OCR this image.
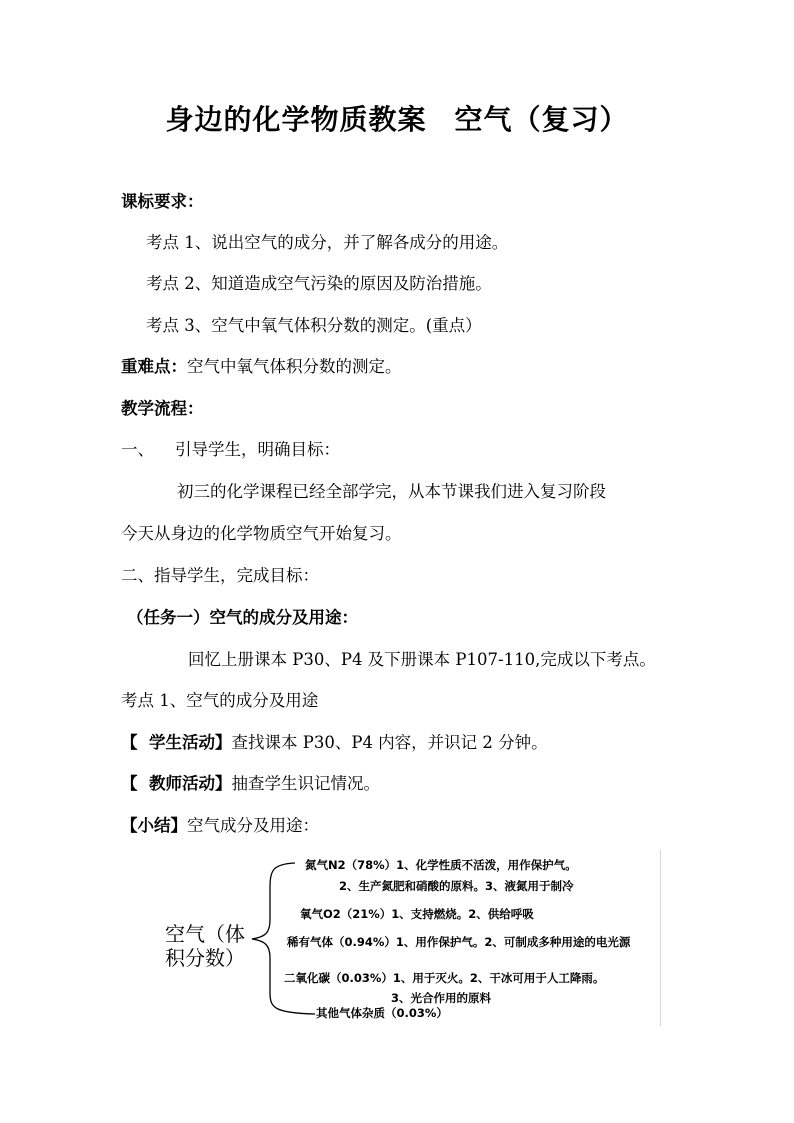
身边的化学物质教案 空气（复习）
课标要求：
考点 1、说出空气的成分，并了解各成分的用途。
考点 2、知道造成空气污染的原因及防治措施。
考点 3、空气中氧气体积分数的测定。(重点）
重难点：空气中氧气体积分数的测定。
教学流程：
一、    引导学生，明确目标：
初三的化学课程已经全部学完，从本节课我们进入复习阶段
今天从身边的化学物质空气开始复习。
二、指导学生，完成目标：
（任务一）空气的成分及用途：
回忆上册课本 P30、P4 及下册课本 P107-110,完成以下考点。
考点 1、空气的成分及用途
【  学生活动】查找课本 P30、P4 内容，并识记 2 分钟。
【  教师活动】抽查学生识记情况。
【小结】空气成分及用途：
空气（体
积分数）
氮气N2（78%）1、化学性质不活泼，用作保护气。
2、生产氮肥和硝酸的原料。3、液氮用于制冷
氧气O2（21%）1、支持燃烧。2、供给呼吸
稀有气体（0.94%）1、用作保护气。2、可制成多种用途的电光源
二氧化碳（0.03%）1、用于灭火。2、干冰可用于人工降雨。
3、光合作用的原料
其他气体杂质（0.03%）
